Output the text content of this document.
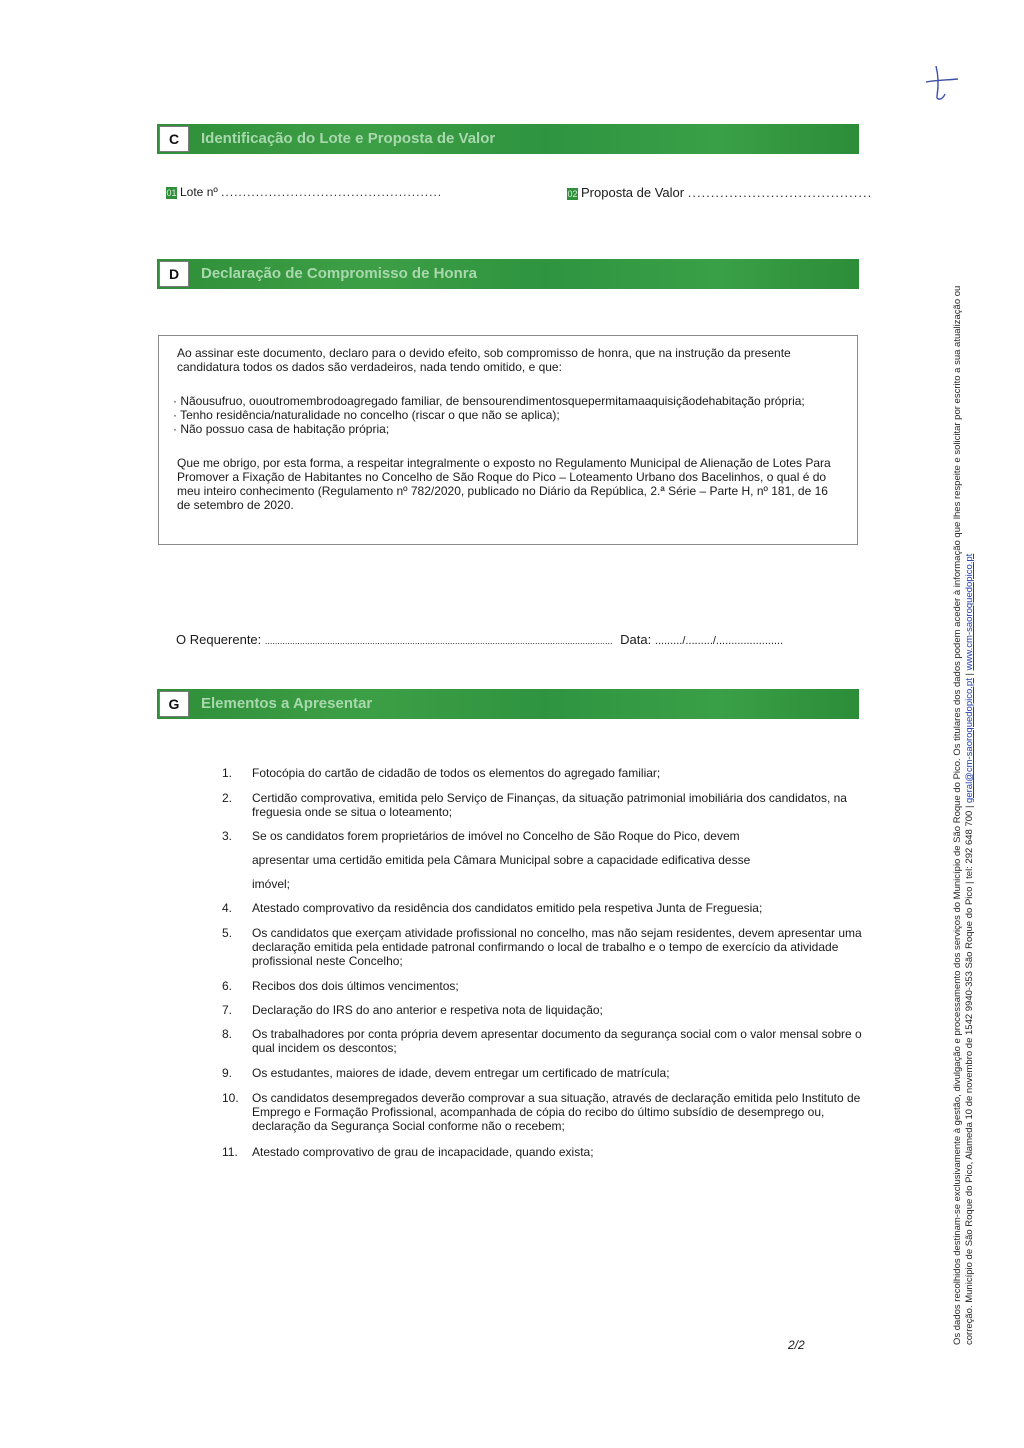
C	Identificação do Lote e Proposta de Valor
01 Lote nº ...................................................	02 Proposta de Valor ........................................
D	Declaração de Compromisso de Honra

Ao assinar este documento, declaro para o devido efeito, sob compromisso de honra, que na instrução da presente candidatura todos os dados são verdadeiros, nada tendo omitido, e que:

· Nãousufruo, ououtromembrodoagregado familiar, de bensourendimentosquepermitamaaquisiçãodehabitação própria;
· Tenho residência/naturalidade no concelho (riscar o que não se aplica);
· Não possuo casa de habitação própria;

Que me obrigo, por esta forma, a respeitar integralmente o exposto no Regulamento Municipal de Alienação de Lotes Para Promover a Fixação de Habitantes no Concelho de São Roque do Pico – Loteamento Urbano dos Bacelinhos, o qual é do meu inteiro conhecimento (Regulamento nº 782/2020, publicado no Diário da República, 2.ª Série – Parte H, nº 181, de 16 de setembro de 2020.

O Requerente: ........................................................................................................................................... Data: ........./........./......................
G	Elementos a Apresentar
1.	Fotocópia do cartão de cidadão de todos os elementos do agregado familiar;
2.	Certidão comprovativa, emitida pelo Serviço de Finanças, da situação patrimonial imobiliária dos candidatos, na freguesia onde se situa o loteamento;
3.	Se os candidatos forem proprietários de imóvel no Concelho de São Roque do Pico, devem
apresentar uma certidão emitida pela Câmara Municipal sobre a capacidade edificativa desse
imóvel;
4.	Atestado comprovativo da residência dos candidatos emitido pela respetiva Junta de Freguesia;
5.	Os candidatos que exerçam atividade profissional no concelho, mas não sejam residentes, devem apresentar uma declaração emitida pela entidade patronal confirmando o local de trabalho e o tempo de exercício da atividade profissional neste Concelho;
6.	Recibos dos dois últimos vencimentos;
7.	Declaração do IRS do ano anterior e respetiva nota de liquidação;
8.	Os trabalhadores por conta própria devem apresentar documento da segurança social com o valor mensal sobre o qual incidem os descontos;
9.	Os estudantes, maiores de idade, devem entregar um certificado de matrícula;
10.	Os candidatos desempregados deverão comprovar a sua situação, através de declaração emitida pelo Instituto de Emprego e Formação Profissional, acompanhada de cópia do recibo do último subsídio de desemprego ou, declaração da Segurança Social conforme não o recebem;
11.	Atestado comprovativo de grau de incapacidade, quando exista;
2/2	Os dados recolhidos destinam-se exclusivamente à gestão, divulgação e processamento dos serviços do Município de São Roque do Pico. Os titulares dos dados podem aceder à informação que lhes respeite e solicitar por escrito a sua atualização ou correção. Município de São Roque do Pico, Alameda 10 de novembro de 1542 9940-353 São Roque do Pico | tel: 292 648 700 | geral@cm-saoroquedopico.pt | www.cm-saoroquedopico.pt
